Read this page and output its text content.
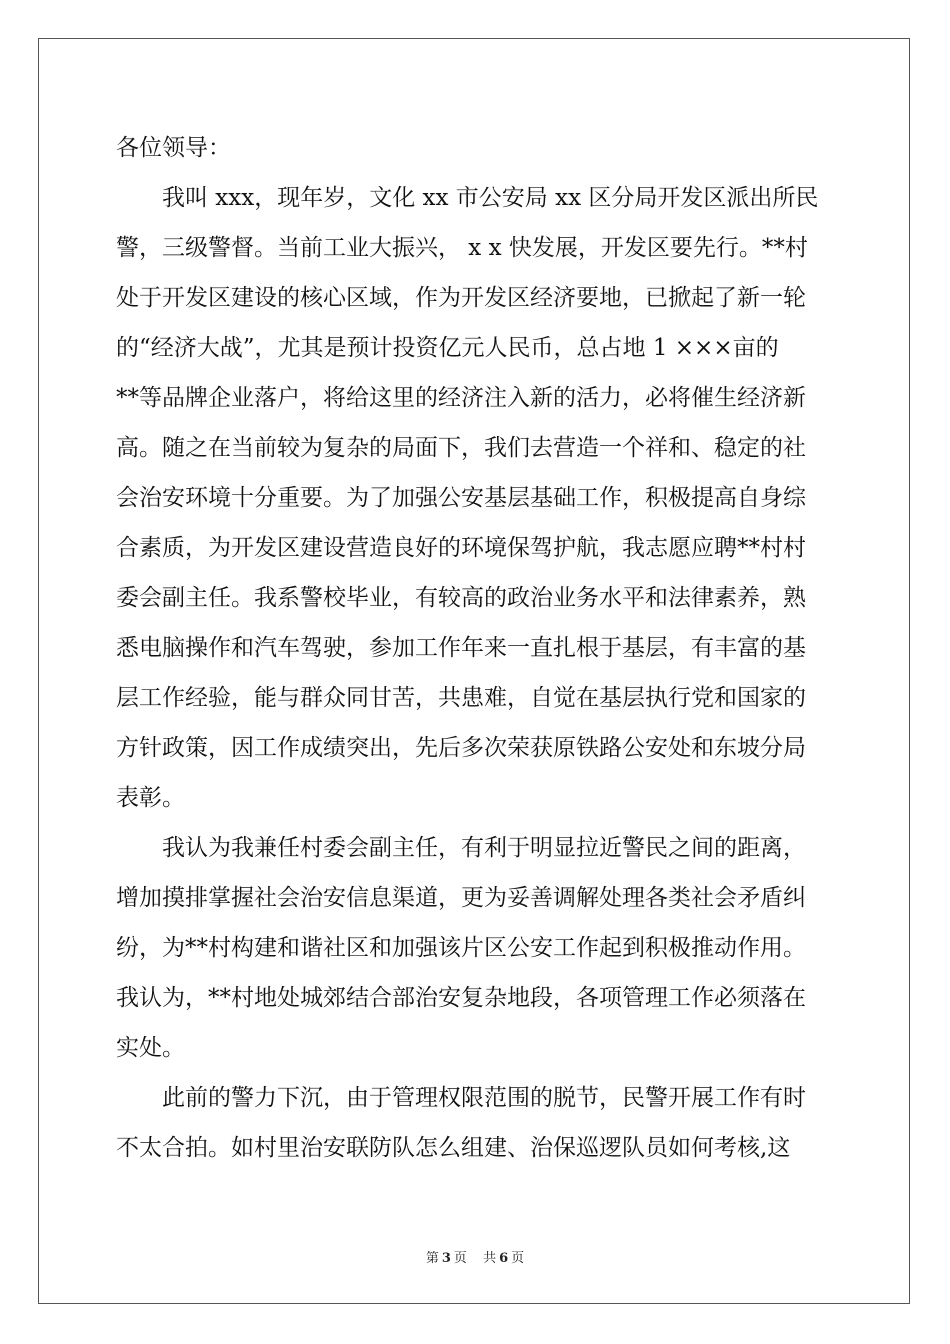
各位领导：
　　我叫 xxx，现年岁，文化 xx 市公安局 xx 区分局开发区派出所民
警，三级警督。当前工业大振兴， x x 快发展，开发区要先行。**村
处于开发区建设的核心区域，作为开发区经济要地，已掀起了新一轮
的“经济大战”，尤其是预计投资亿元人民币，总占地 1 ×××亩的
**等品牌企业落户，将给这里的经济注入新的活力，必将催生经济新
高。随之在当前较为复杂的局面下，我们去营造一个祥和、稳定的社
会治安环境十分重要。为了加强公安基层基础工作，积极提高自身综
合素质，为开发区建设营造良好的环境保驾护航，我志愿应聘**村村
委会副主任。我系警校毕业，有较高的政治业务水平和法律素养，熟
悉电脑操作和汽车驾驶，参加工作年来一直扎根于基层，有丰富的基
层工作经验，能与群众同甘苦，共患难，自觉在基层执行党和国家的
方针政策，因工作成绩突出，先后多次荣获原铁路公安处和东坡分局
表彰。
　　我认为我兼任村委会副主任，有利于明显拉近警民之间的距离，
增加摸排掌握社会治安信息渠道，更为妥善调解处理各类社会矛盾纠
纷，为**村构建和谐社区和加强该片区公安工作起到积极推动作用。
我认为，**村地处城郊结合部治安复杂地段，各项管理工作必须落在
实处。
　　此前的警力下沉，由于管理权限范围的脱节，民警开展工作有时
不太合拍。如村里治安联防队怎么组建、治保巡逻队员如何考核,这
第 3 页 共 6 页
